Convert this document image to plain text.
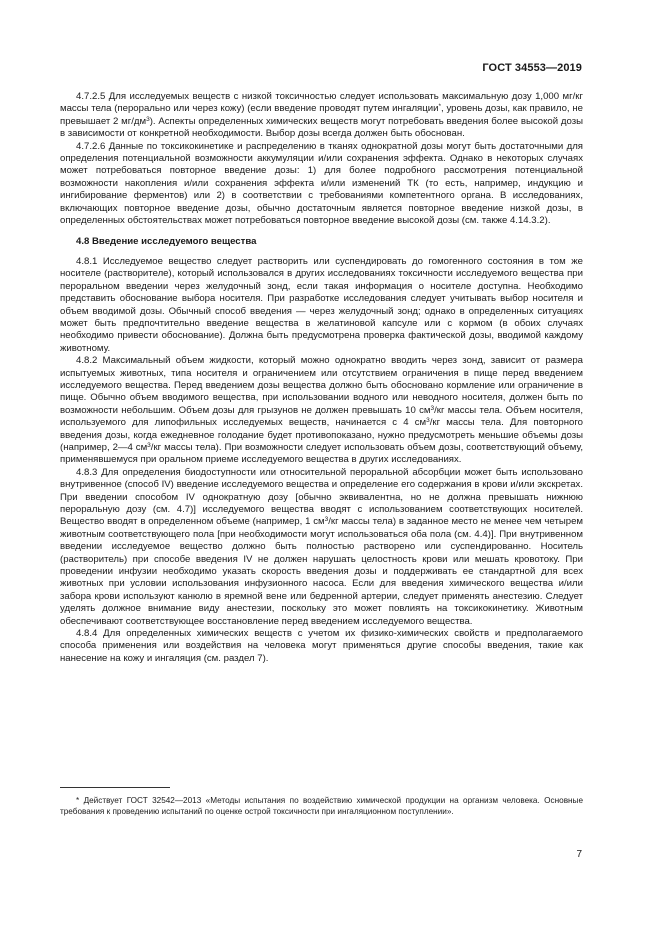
ГОСТ 34553—2019

4.7.2.5 Для исследуемых веществ с низкой токсичностью следует использовать максимальную дозу 1,000 мг/кг массы тела (перорально или через кожу) (если введение проводят путем ингаляции*, уровень дозы, как правило, не превышает 2 $мг/дм^3$). Аспекты определенных химических веществ могут потребовать введения более высокой дозы в зависимости от конкретной необходимости. Выбор дозы всегда должен быть обоснован.

4.7.2.6 Данные по токсикокинетике и распределению в тканях однократной дозы могут быть достаточными для определения потенциальной возможности аккумуляции и/или сохранения эффекта. Однако в некоторых случаях может потребоваться повторное введение дозы: 1) для более подробного рассмотрения потенциальной возможности накопления и/или сохранения эффекта и/или изменений ТК (то есть, например, индукцию и ингибирование ферментов) или 2) в соответствии с требованиями компетентного органа. В исследованиях, включающих повторное введение дозы, обычно достаточным является повторное введение низкой дозы, в определенных обстоятельствах может потребоваться повторное введение высокой дозы (см. также 4.14.3.2).

4.8 Введение исследуемого вещества

4.8.1 Исследуемое вещество следует растворить или суспендировать до гомогенного состояния в том же носителе (растворителе), который использовался в других исследованиях токсичности исследуемого вещества при пероральном введении через желудочный зонд, если такая информация о носителе доступна. Необходимо представить обоснование выбора носителя. При разработке исследования следует учитывать выбор носителя и объем вводимой дозы. Обычный способ введения — через желудочный зонд; однако в определенных ситуациях может быть предпочтительно введение вещества в желатиновой капсуле или с кормом (в обоих случаях необходимо привести обоснование). Должна быть предусмотрена проверка фактической дозы, вводимой каждому животному.

4.8.2 Максимальный объем жидкости, который можно однократно вводить через зонд, зависит от размера испытуемых животных, типа носителя и ограничением или отсутствием ограничения в пище перед введением исследуемого вещества. Перед введением дозы вещества должно быть обосновано кормление или ограничение в пище. Обычно объем вводимого вещества, при использовании водного или неводного носителя, должен быть по возможности небольшим. Объем дозы для грызунов не должен превышать 10 $см^3/кг$ массы тела. Объем носителя, используемого для липофильных исследуемых веществ, начинается с 4 $см^3/кг$ массы тела. Для повторного введения дозы, когда ежедневное голодание будет противопоказано, нужно предусмотреть меньшие объемы дозы (например, 2—4 $см^3/кг$ массы тела). При возможности следует использовать объем дозы, соответствующий объему, применявшемуся при оральном приеме исследуемого вещества в других исследованиях.

4.8.3 Для определения биодоступности или относительной пероральной абсорбции может быть использовано внутривенное (способ IV) введение исследуемого вещества и определение его содержания в крови и/или экскретах. При введении способом IV однократную дозу [обычно эквивалентна, но не должна превышать нижнюю пероральную дозу (см. 4.7)] исследуемого вещества вводят с использованием соответствующих носителей. Вещество вводят в определенном объеме (например, 1 $см^3/кг$ массы тела) в заданное место не менее чем четырем животным соответствующего пола [при необходимости могут использоваться оба пола (см. 4.4)]. При внутривенном введении исследуемое вещество должно быть полностью растворено или суспендированно. Носитель (растворитель) при способе введения IV не должен нарушать целостность крови или мешать кровотоку. При проведении инфузии необходимо указать скорость введения дозы и поддерживать ее стандартной для всех животных при условии использования инфузионного насоса. Если для введения химического вещества и/или забора крови используют канюлю в яремной вене или бедренной артерии, следует применять анестезию. Следует уделять должное внимание виду анестезии, поскольку это может повлиять на токсикокинетику. Животным обеспечивают соответствующее восстановление перед введением исследуемого вещества.

4.8.4 Для определенных химических веществ с учетом их физико-химических свойств и предполагаемого способа применения или воздействия на человека могут применяться другие способы введения, такие как нанесение на кожу и ингаляция (см. раздел 7).

* Действует ГОСТ 32542—2013 «Методы испытания по воздействию химической продукции на организм человека. Основные требования к проведению испытаний по оценке острой токсичности при ингаляционном поступлении».

7
